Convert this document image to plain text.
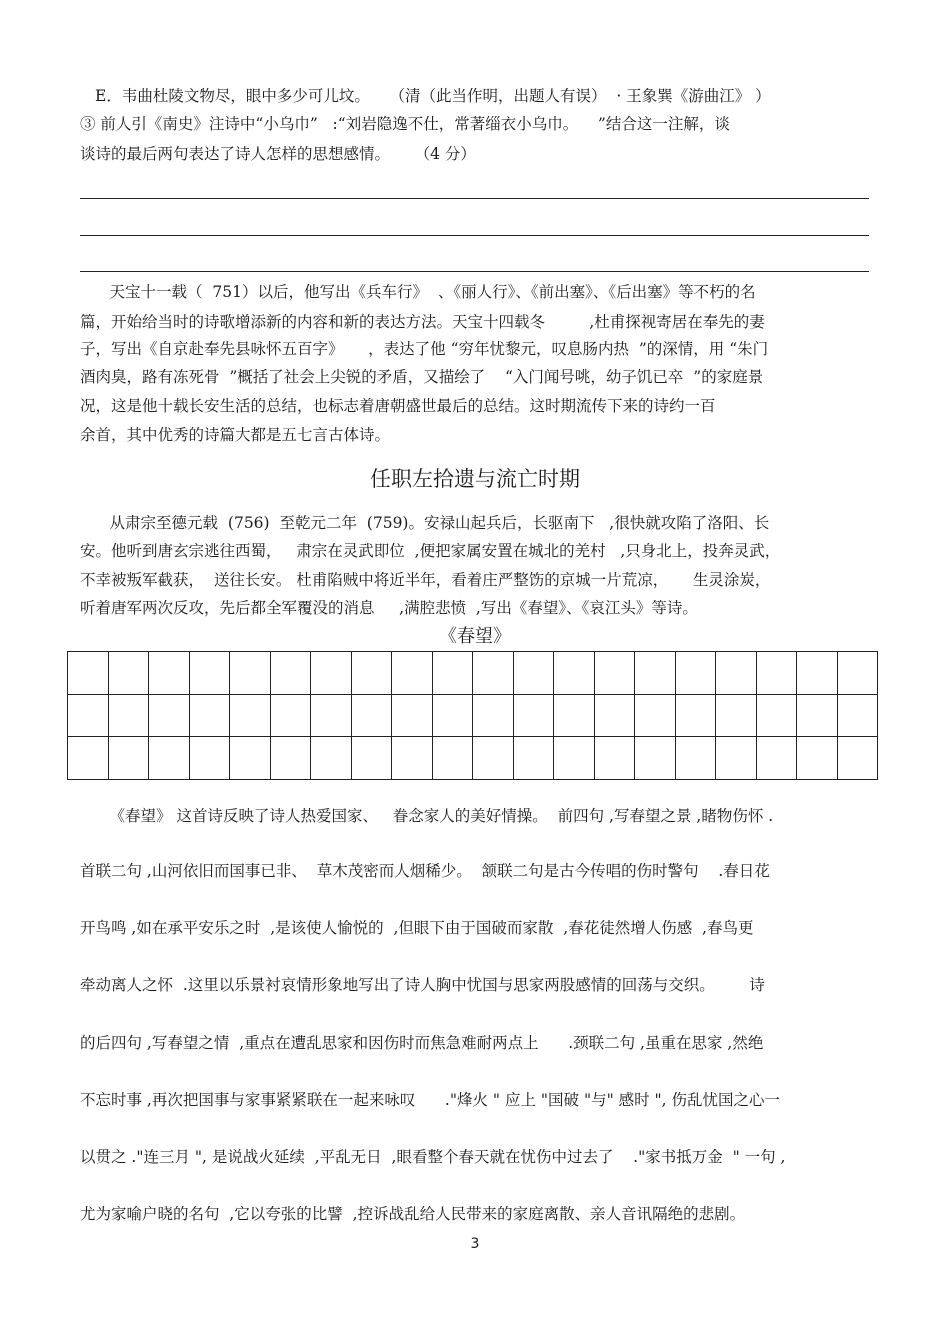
E．韦曲杜陵文物尽，眼中多少可儿坟。    （清（此当作明，出题人有误）  · 王象巽《游曲江》 ）
③ 前人引《南史》注诗中“小乌巾”   :“刘岩隐逸不仕，常著缁衣小乌巾。    ”结合这一注解，谈
谈诗的最后两句表达了诗人怎样的思想感情。     （4 分）
天宝十一载（  751）以后，他写出《兵车行》  、《丽人行》、《前出塞》、《后出塞》等不朽的名
篇，开始给当时的诗歌增添新的内容和新的表达方法。天宝十四载冬         ,杜甫探视寄居在奉先的妻
子，写出《自京赴奉先县咏怀五百字》     ，表达了他 “穷年忧黎元，叹息肠内热  ”的深情，用 “朱门
酒肉臭，路有冻死骨  ”概括了社会上尖锐的矛盾，又描绘了    “入门闻号咷，幼子饥已卒  ”的家庭景
况，这是他十载长安生活的总结，也标志着唐朝盛世最后的总结。这时期流传下来的诗约一百
余首，其中优秀的诗篇大都是五七言古体诗。
任职左拾遗与流亡时期
从肃宗至德元载  (756)  至乾元二年  (759)。安禄山起兵后，长驱南下   ,很快就攻陷了洛阳、长
安。他听到唐玄宗逃往西蜀，   肃宗在灵武即位  ,便把家属安置在城北的羌村   ,只身北上，投奔灵武，
不幸被叛军截获，  送往长安。 杜甫陷贼中将近半年，看着庄严整饬的京城一片荒凉，     生灵涂炭，
听着唐军两次反攻，先后都全军覆没的消息     ,满腔悲愤  ,写出《春望》、《哀江头》等诗。
《春望》

《春望》 这首诗反映了诗人热爱国家、   眷念家人的美好情操。  前四句 ,写春望之景 ,睹物伤怀 .
首联二句 ,山河依旧而国事已非、  草木茂密而人烟稀少。  颔联二句是古今传唱的伤时警句    .春日花
开鸟鸣 ,如在承平安乐之时  ,是该使人愉悦的  ,但眼下由于国破而家散  ,春花徒然增人伤感  ,春鸟更
牵动离人之怀  .这里以乐景衬哀情形象地写出了诗人胸中忧国与思家两股感情的回荡与交织。       诗
的后四句 ,写春望之情  ,重点在遭乱思家和因伤时而焦急难耐两点上      .颈联二句 ,虽重在思家 ,然绝
不忘时事 ,再次把国事与家事紧紧联在一起来咏叹      ."烽火 " 应上 "国破 "与" 感时 ", 伤乱忧国之心一
以贯之 ."连三月 ", 是说战火延续  ,平乱无日  ,眼看整个春天就在忧伤中过去了    ."家书抵万金  " 一句 ,
尤为家喻户晓的名句  ,它以夸张的比譬  ,控诉战乱给人民带来的家庭离散、亲人音讯隔绝的悲剧。
3
